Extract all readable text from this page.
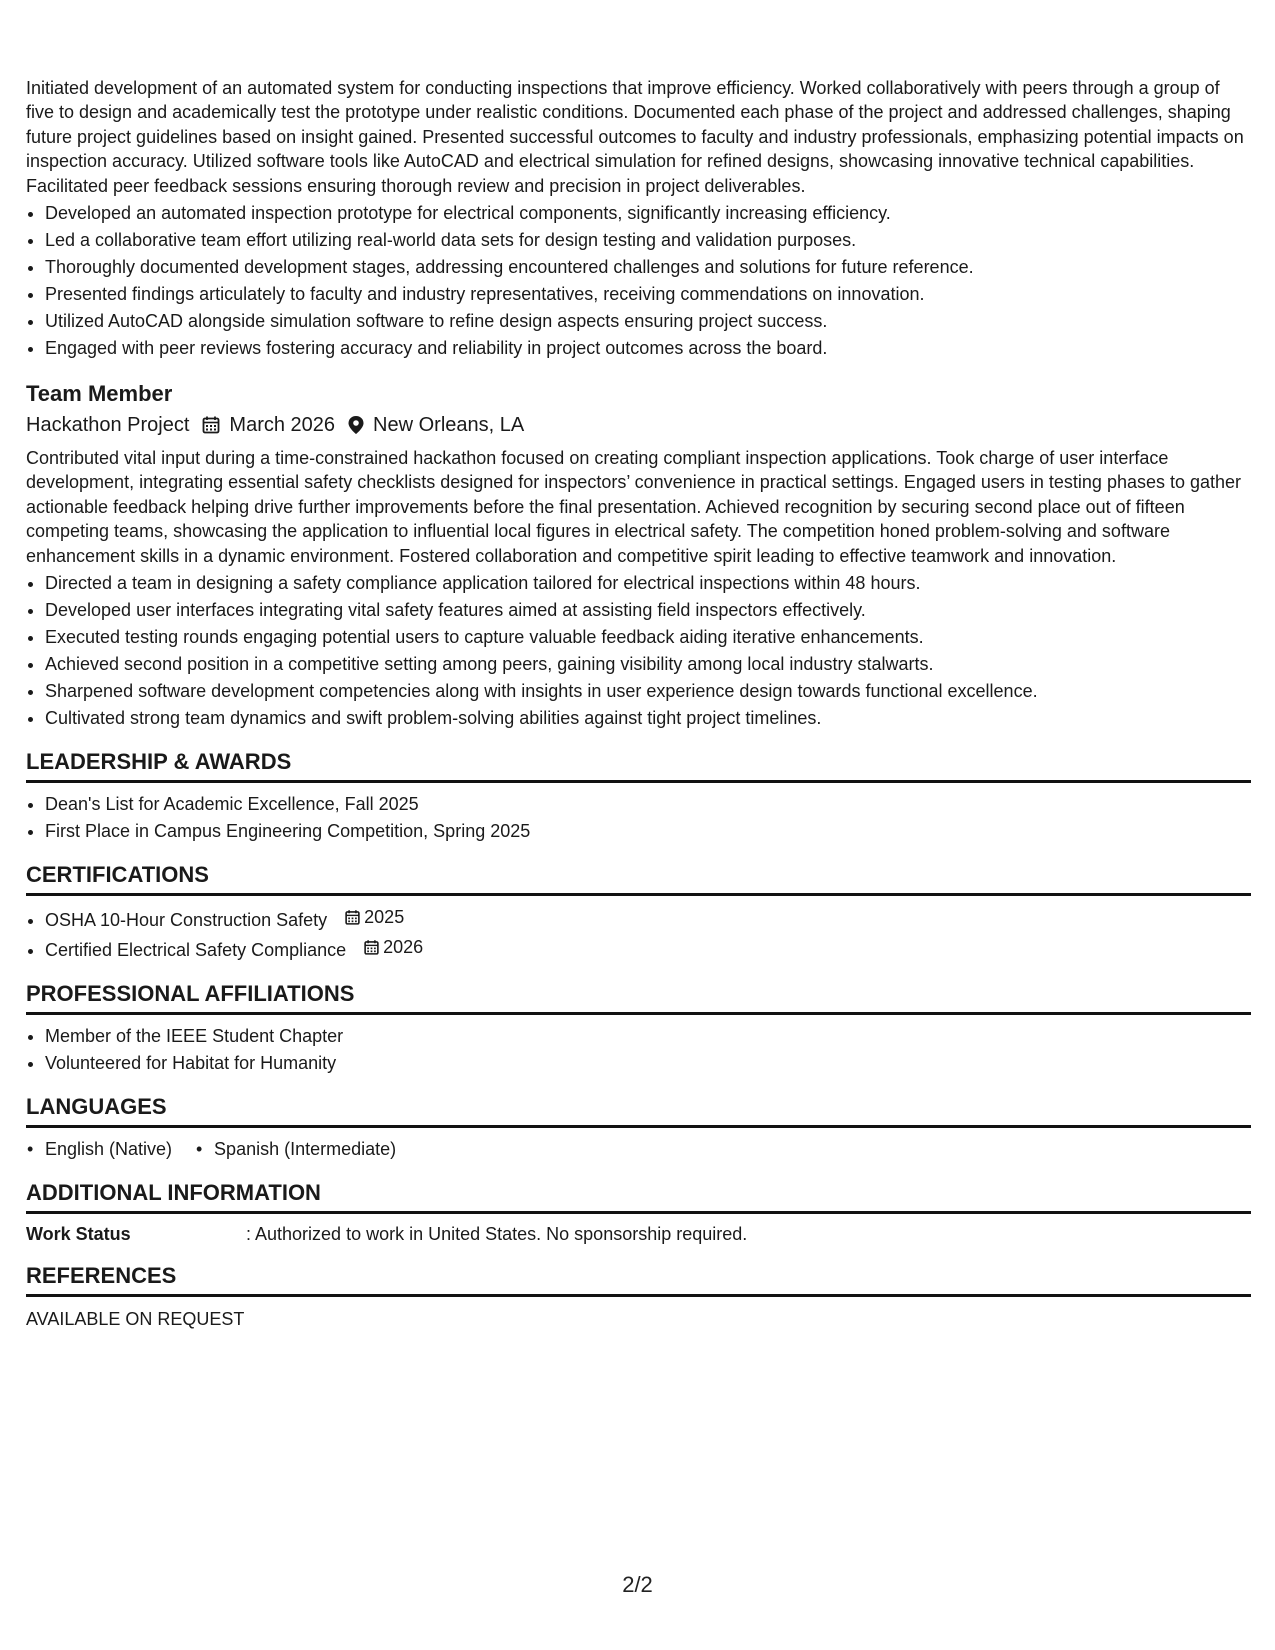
Initiated development of an automated system for conducting inspections that improve efficiency. Worked collaboratively with peers through a group of five to design and academically test the prototype under realistic conditions. Documented each phase of the project and addressed challenges, shaping future project guidelines based on insight gained. Presented successful outcomes to faculty and industry professionals, emphasizing potential impacts on inspection accuracy. Utilized software tools like AutoCAD and electrical simulation for refined designs, showcasing innovative technical capabilities. Facilitated peer feedback sessions ensuring thorough review and precision in project deliverables.

• Developed an automated inspection prototype for electrical components, significantly increasing efficiency.
• Led a collaborative team effort utilizing real-world data sets for design testing and validation purposes.
• Thoroughly documented development stages, addressing encountered challenges and solutions for future reference.
• Presented findings articulately to faculty and industry representatives, receiving commendations on innovation.
• Utilized AutoCAD alongside simulation software to refine design aspects ensuring project success.
• Engaged with peer reviews fostering accuracy and reliability in project outcomes across the board.
Team Member
Hackathon Project March 2026 New Orleans, LA

Contributed vital input during a time-constrained hackathon focused on creating compliant inspection applications. Took charge of user interface development, integrating essential safety checklists designed for inspectors’ convenience in practical settings. Engaged users in testing phases to gather actionable feedback helping drive further improvements before the final presentation. Achieved recognition by securing second place out of fifteen competing teams, showcasing the application to influential local figures in electrical safety. The competition honed problem-solving and software enhancement skills in a dynamic environment. Fostered collaboration and competitive spirit leading to effective teamwork and innovation.

• Directed a team in designing a safety compliance application tailored for electrical inspections within 48 hours.
• Developed user interfaces integrating vital safety features aimed at assisting field inspectors effectively.
• Executed testing rounds engaging potential users to capture valuable feedback aiding iterative enhancements.
• Achieved second position in a competitive setting among peers, gaining visibility among local industry stalwarts.
• Sharpened software development competencies along with insights in user experience design towards functional excellence.
• Cultivated strong team dynamics and swift problem-solving abilities against tight project timelines.
LEADERSHIP & AWARDS
• Dean's List for Academic Excellence, Fall 2025
• First Place in Campus Engineering Competition, Spring 2025
CERTIFICATIONS
• OSHA 10-Hour Construction Safety 2025
• Certified Electrical Safety Compliance 2026
PROFESSIONAL AFFILIATIONS
• Member of the IEEE Student Chapter
• Volunteered for Habitat for Humanity
LANGUAGES
• English (Native)
• Spanish (Intermediate)
ADDITIONAL INFORMATION
Work Status	: Authorized to work in United States. No sponsorship required.
REFERENCES
AVAILABLE ON REQUEST
2/2
